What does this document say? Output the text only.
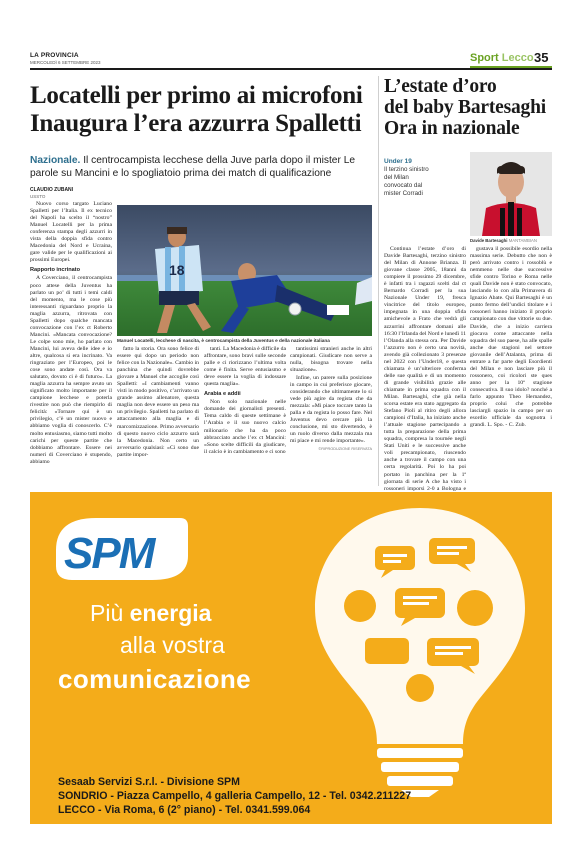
LA PROVINCIA
MERCOLEDÌ 6 SETTEMBRE 2023	Sport Lecco 35
Locatelli per primo ai microfoni
Inaugura l’era azzurra Spalletti
Nazionale. Il centrocampista lecchese della Juve parla dopo il mister Le parole su Mancini e lo spogliatoio prima dei match di qualificazione
CLAUDIO ZUBANI
USSTO

Nuovo corso targato Luciano Spalletti per l’Italia. Il ex tecnico del Napoli ha scelto il “nostro” Manuel Locatelli per la prima conferenza stampa degli azzurri in vista della doppia sfida contro Macedonia del Nord e Ucraina, gare valide per le qualificazioni ai prossimi Europei.

Rapporto incrinato

A Coverciano, il centrocampista poco attese della Juventus ha parlato un po’ di tutti i temi caldi del momento, ma le cose più interessanti riguardano proprio la maglia azzurra, ritrovata con Spalletti dopo qualche mancata convocazione con l’ex ct Roberto Mancini. «Mancata convocazione? Le colpe sono mie, ho parlato con Mancini, lui aveva delle idee e io altre, qualcosa si era incrinato. Va ringraziato per l’Europeo, poi le cose sono andate così. Ora va salutato, dovuto ci è di futuro». La maglia azzurra ha sempre avuto un significato molto importante per il campione lecchese e poterla rivestire non può che riempirlo di felicità: «Tornare qui è un privilegio, c’è un mister nuovo e abbiamo voglia di conoscerlo. C’è molto entusiasmo, siamo tutti molto carichi per queste partite che dobbiamo affrontare. Essere nei numeri di Coverciano è stupendo, abbiamo

18
Manuel Locatelli, lecchese di nascita, è centrocampista della Juventus e della nazionale italiana

fatto la storia. Ora sono felice di essere qui dopo un periodo non felice con la Nazionale». Cambio in panchina che quindi dovrebbe giovare a Manuel che accoglie così Spalletti: «I cambiamenti vanno visti in modo positivo, c’arrivato un grande assimo allenatore, questa maglia non deve essere un peso ma un privilegio. Spalletti ha parlato di attaccamento alla maglia e di marcomizzazione. Primo avversario di questo nuovo ciclo azzurro sarà la Macedonia. Non certo un avversario qualsiasi: «Ci sono due partite impor-

tanti. La Macedonia è difficile da affrontare, sono bravi sulle seconde palle e ci riorizzano l’ultima volta come è finita. Serve entusiasmo e deve essere la voglia di indossare questa maglia».

Arabia e addii

Non solo nazionale nelle domande dei giornalisti presenti. Tema caldo di queste settimane è l’Arabia e il suo nuovo calcio milionario che ha da poco abbracciato anche l’ex ct Mancini: «Sono scelte difficili da giudicare, il calcio è in cambiamento e ci sono

tantissimi stranieri anche in altri campionati. Giudicare non serve a nulla, bisogna trovare nella situazione».

Infine, un parere sulla posizione in campo in cui preferisce giocare, considerando che ultimamente lo si vede più agire da regista che da mezzala: «Mi piace toccare tanto la palla e da regista lo posso fare. Nel Juventus devo cercare più la conclusione, mi sto divertendo, è un ruolo diverso dalla mezzala ma mi piace e mi rende importante».

©RIPRODUZIONE RISERVATA
L’estate d’oro
del baby Bartesaghi
Ora in nazionale
Under 19
Il terzino sinistro del Milan convocato dal mister Corradi
Davide Bartesaghi MANTAMBIAN

Continua l’estate d’oro di Davide Bartesaghi, terzino sinistro del Milan di Annone Brianza. Il giovane classe 2005, 18anni da compiere il prossimo 29 dicembre, è infatti tra i ragazzi scelti dal ct Bernardo Corradi per la sua Nazionale Under 19, fresca vincitrice del titolo europeo, impegnata in una doppia sfida amichevole a Frato che vedrà gli azzurrini affrontare domani alle 16:30 l’Irlanda del Nord e lunedì 11 l’Olanda alla stessa ora. Per Davide l’azzurro non è certo una novità, avendo già collezionato 3 presenze nel 2022 con l’Under18, e questa chiamata è un’ulteriore conferma delle sue qualità e di un momento di grande visibilità grazie alle chiamate in prima squadra con il Milan. Bartesaghi, che già nella scorsa estate era stato aggregato da Stefano Pioli al ritiro degli allora campioni d’Italia, ha iniziato anche l’attuale stagione partecipando a tutta la preparazione della prima squadra, compresa la tournée negli Stati Uniti e le successive anche voli precampionato, riuscendo anche a trovare il campo con una certa regolarità. Poi lo ha poi portato in panchina per la 1ª giornata di serie A che ha visto i rossoneri imporsi 2-0 a Bologna e

gustava il possibile esordio nella massima serie. Debutto che non è però arrivato contro i rossoblù e nemmeno nelle due successive sfide contro Torino e Roma nelle quali Davide non è stato convocato, lasciando lo con alla Primavera di Ignazio Abate. Qui Bartesaghi è un punto fermo dell’undici titolare e i rossoneri hanno iniziato il proprio campionato con due vittorie su due. Davide, che a inizio carriera giocava come attaccante nella squadra del suo paese, ha alle spalle anche due stagioni nel settore giovanile dell’Atalanta, prima di entrare a far parte degli Esordienti del Milan e non lasciare più il rossonero, coi ricolori ste ques anno per la 10ª stagione consecutiva. Il suo idolo? nonché a farlo appunto Theo Hernandez, proprio colui che potrebbe lasciargli spazio in campo per un esordio ufficiale da sognotra i grandi. L. Spo. - C. Zub.

SPM
Più energia
alla vostra
comunicazione
Sesaab Servizi S.r.l. - Divisione SPM
SONDRIO - Piazza Campello, 4 galleria Campello, 12 - Tel. 0342.211227
LECCO - Via Roma, 6 (2° piano) - Tel. 0341.599.064
